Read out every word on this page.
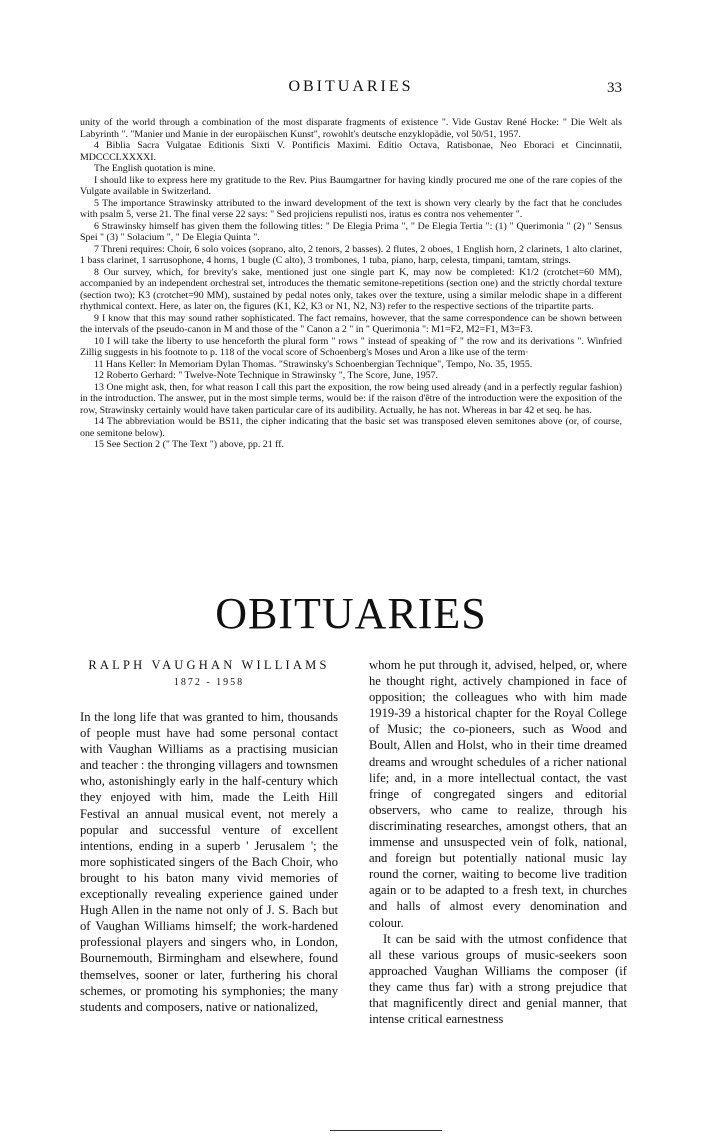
OBITUARIES	33

unity of the world through a combination of the most disparate fragments of existence ". Vide Gustav René Hocke: " Die Welt als Labyrinth ". "Manier und Manie in der europäischen Kunst", rowohlt's deutsche enzyklopädie, vol 50/51, 1957.

4 Biblia Sacra Vulgatae Editionis Sixti V. Pontificis Maximi. Editio Octava, Ratisbonae, Neo Eboraci et Cincinnatii, MDCCCLXXXXI.

The English quotation is mine.

I should like to express here my gratitude to the Rev. Pius Baumgartner for having kindly procured me one of the rare copies of the Vulgate available in Switzerland.

5 The importance Strawinsky attributed to the inward development of the text is shown very clearly by the fact that he concludes with psalm 5, verse 21. The final verse 22 says: " Sed projiciens repulisti nos, iratus es contra nos vehementer ".

6 Strawinsky himself has given them the following titles: " De Elegia Prima ", " De Elegia Tertia ": (1) " Querimonia " (2) " Sensus Spei " (3) " Solacium ", " De Elegia Quinta ".

7 Threni requires: Choir, 6 solo voices (soprano, alto, 2 tenors, 2 basses). 2 flutes, 2 oboes, 1 English horn, 2 clarinets, 1 alto clarinet, 1 bass clarinet, 1 sarrusophone, 4 horns, 1 bugle (C alto), 3 trombones, 1 tuba, piano, harp, celesta, timpani, tamtam, strings.

8 Our survey, which, for brevity's sake, mentioned just one single part K, may now be completed: K1/2 (crotchet=60 MM), accompanied by an independent orchestral set, introduces the thematic semitone-repetitions (section one) and the strictly chordal texture (section two); K3 (crotchet=90 MM), sustained by pedal notes only, takes over the texture, using a similar melodic shape in a different rhythmical context. Here, as later on, the figures (K1, K2, K3 or N1, N2, N3) refer to the respective sections of the tripartite parts.

9 I know that this may sound rather sophisticated. The fact remains, however, that the same correspondence can be shown between the intervals of the pseudo-canon in M and those of the " Canon a 2 " in " Querimonia ": M1=F2, M2=F1, M3=F3.

10 I will take the liberty to use henceforth the plural form " rows " instead of speaking of " the row and its derivations ". Winfried Zillig suggests in his footnote to p. 118 of the vocal score of Schoenberg's Moses und Aron a like use of the term·

11 Hans Keller: In Memoriam Dylan Thomas. "Strawinsky's Schoenbergian Technique", Tempo, No. 35, 1955.

12 Roberto Gerhard: " Twelve-Note Technique in Strawinsky ", The Score, June, 1957.

13 One might ask, then, for what reason I call this part the exposition, the row being used already (and in a perfectly regular fashion) in the introduction. The answer, put in the most simple terms, would be: if the raison d'être of the introduction were the exposition of the row, Strawinsky certainly would have taken particular care of its audibility. Actually, he has not. Whereas in bar 42 et seq. he has.

14 The abbreviation would be BS11, the cipher indicating that the basic set was transposed eleven semitones above (or, of course, one semitone below).

15 See Section 2 (" The Text ") above, pp. 21 ff.

OBITUARIES
RALPH VAUGHAN WILLIAMS
1872 - 1958

In the long life that was granted to him, thousands of people must have had some personal contact with Vaughan Williams as a practising musician and teacher : the thronging villagers and townsmen who, astonishingly early in the half-century which they enjoyed with him, made the Leith Hill Festival an annual musical event, not merely a popular and successful venture of excellent intentions, ending in a superb ' Jerusalem '; the more sophisticated singers of the Bach Choir, who brought to his baton many vivid memories of exceptionally revealing experience gained under Hugh Allen in the name not only of J. S. Bach but of Vaughan Williams himself; the work-hardened professional players and singers who, in London, Bournemouth, Birmingham and elsewhere, found themselves, sooner or later, furthering his choral schemes, or promoting his symphonies; the many students and composers, native or nationalized,

whom he put through it, advised, helped, or, where he thought right, actively championed in face of opposition; the colleagues who with him made 1919-39 a historical chapter for the Royal College of Music; the co-pioneers, such as Wood and Boult, Allen and Holst, who in their time dreamed dreams and wrought schedules of a richer national life; and, in a more intellectual contact, the vast fringe of congregated singers and editorial observers, who came to realize, through his discriminating researches, amongst others, that an immense and unsuspected vein of folk, national, and foreign but potentially national music lay round the corner, waiting to become live tradition again or to be adapted to a fresh text, in churches and halls of almost every denomination and colour.

It can be said with the utmost confidence that all these various groups of music-seekers soon approached Vaughan Williams the composer (if they came thus far) with a strong prejudice that that magnificently direct and genial manner, that intense critical earnestness
